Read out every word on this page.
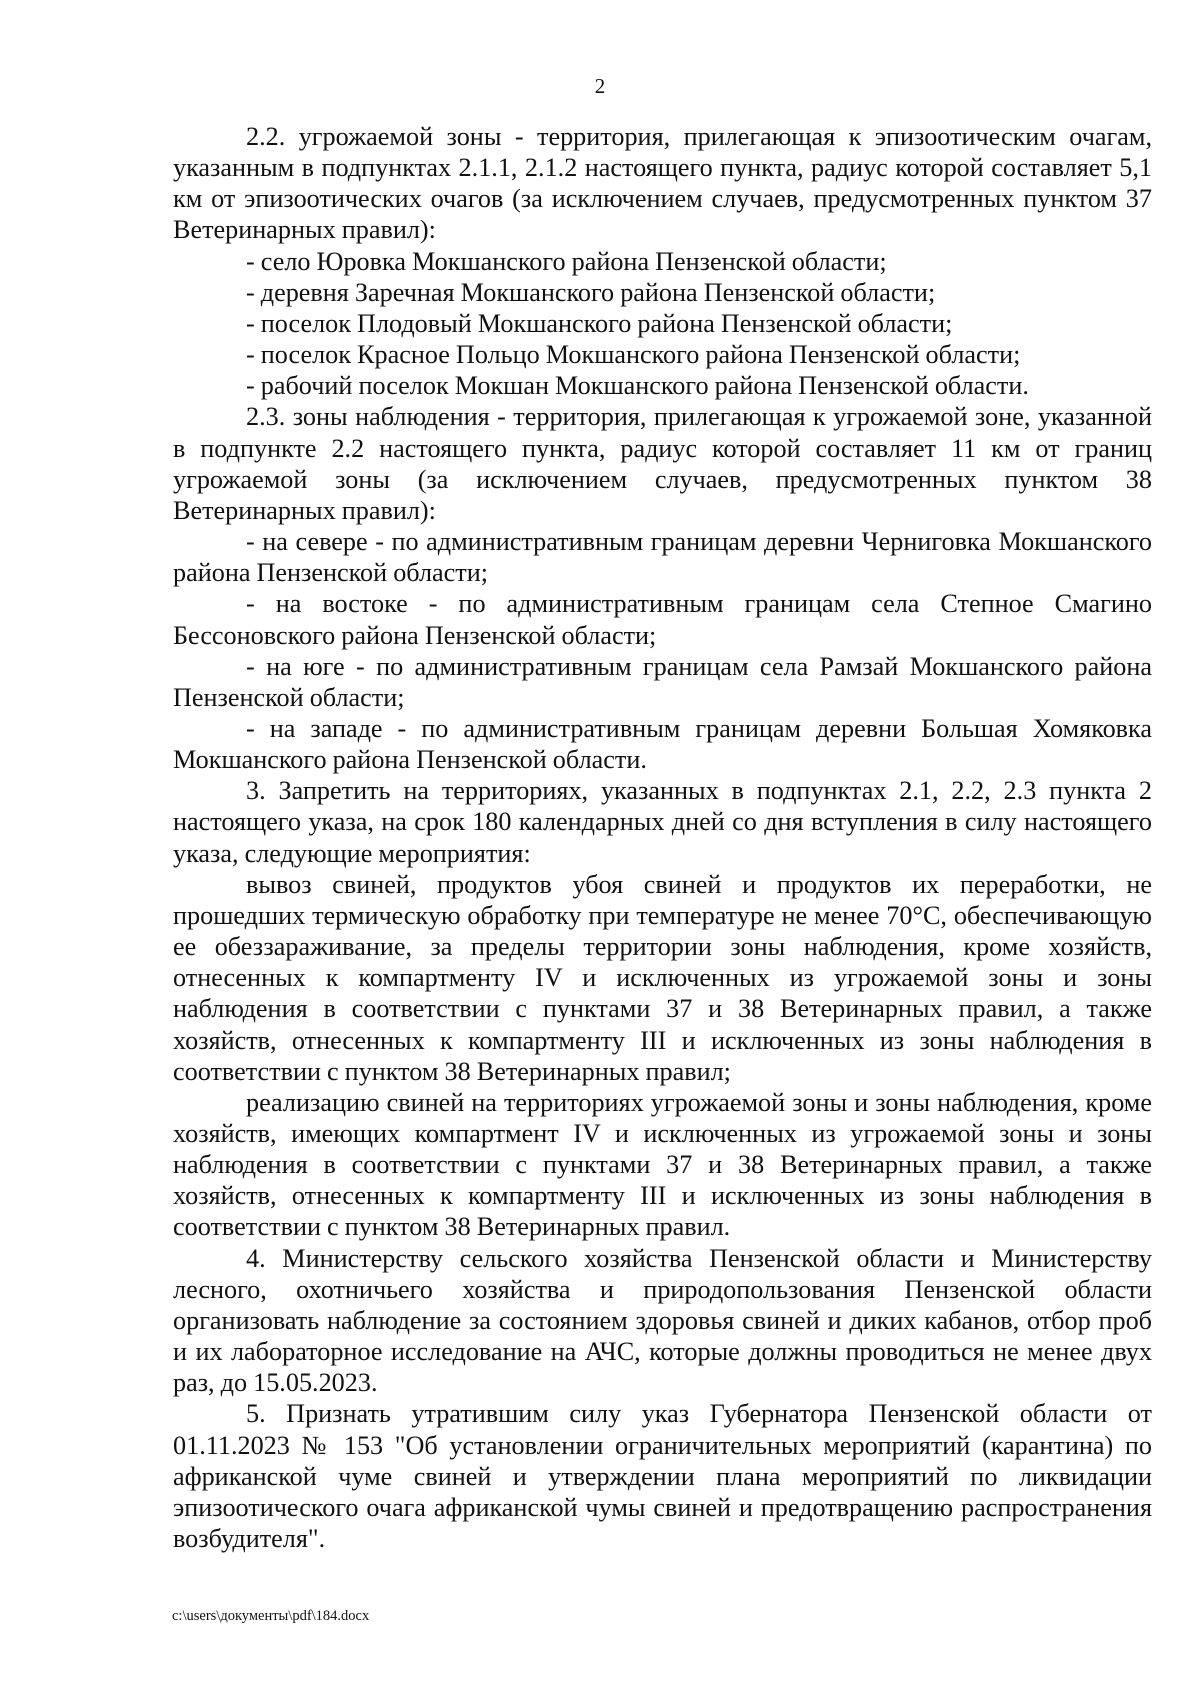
2

2.2. угрожаемой зоны - территория, прилегающая к эпизоотическим очагам, указанным в подпунктах 2.1.1, 2.1.2 настоящего пункта, радиус которой составляет 5,1 км от эпизоотических очагов (за исключением случаев, предусмотренных пунктом 37 Ветеринарных правил):

- село Юровка Мокшанского района Пензенской области;

- деревня Заречная Мокшанского района Пензенской области;

- поселок Плодовый Мокшанского района Пензенской области;

- поселок Красное Польцо Мокшанского района Пензенской области;

- рабочий поселок Мокшан Мокшанского района Пензенской области.

2.3. зоны наблюдения - территория, прилегающая к угрожаемой зоне, указанной в подпункте 2.2 настоящего пункта, радиус которой составляет 11 км от границ угрожаемой зоны (за исключением случаев, предусмотренных пунктом 38 Ветеринарных правил):

- на севере - по административным границам деревни Черниговка Мокшанского района Пензенской области;

- на востоке - по административным границам села Степное Смагино Бессоновского района Пензенской области;

- на юге - по административным границам села Рамзай Мокшанского района Пензенской области;

- на западе - по административным границам деревни Большая Хомяковка Мокшанского района Пензенской области.

3. Запретить на территориях, указанных в подпунктах 2.1, 2.2, 2.3 пункта 2 настоящего указа, на срок 180 календарных дней со дня вступления в силу настоящего указа, следующие мероприятия:

вывоз свиней, продуктов убоя свиней и продуктов их переработки, не прошедших термическую обработку при температуре не менее 70°С, обеспечивающую ее обеззараживание, за пределы территории зоны наблюдения, кроме хозяйств, отнесенных к компартменту IV и исключенных из угрожаемой зоны и зоны наблюдения в соответствии с пунктами 37 и 38 Ветеринарных правил, а также хозяйств, отнесенных к компартменту III и исключенных из зоны наблюдения в соответствии с пунктом 38 Ветеринарных правил;

реализацию свиней на территориях угрожаемой зоны и зоны наблюдения, кроме хозяйств, имеющих компартмент IV и исключенных из угрожаемой зоны и зоны наблюдения в соответствии с пунктами 37 и 38 Ветеринарных правил, а также хозяйств, отнесенных к компартменту III и исключенных из зоны наблюдения в соответствии с пунктом 38 Ветеринарных правил.

4. Министерству сельского хозяйства Пензенской области и Министерству лесного, охотничьего хозяйства и природопользования Пензенской области организовать наблюдение за состоянием здоровья свиней и диких кабанов, отбор проб и их лабораторное исследование на АЧС, которые должны проводиться не менее двух раз, до 15.05.2023.

5. Признать утратившим силу указ Губернатора Пензенской области от 01.11.2023 № 153 "Об установлении ограничительных мероприятий (карантина) по африканской чуме свиней и утверждении плана мероприятий по ликвидации эпизоотического очага африканской чумы свиней и предотвращению распространения возбудителя".

c:\users\документы\pdf\184.docx
